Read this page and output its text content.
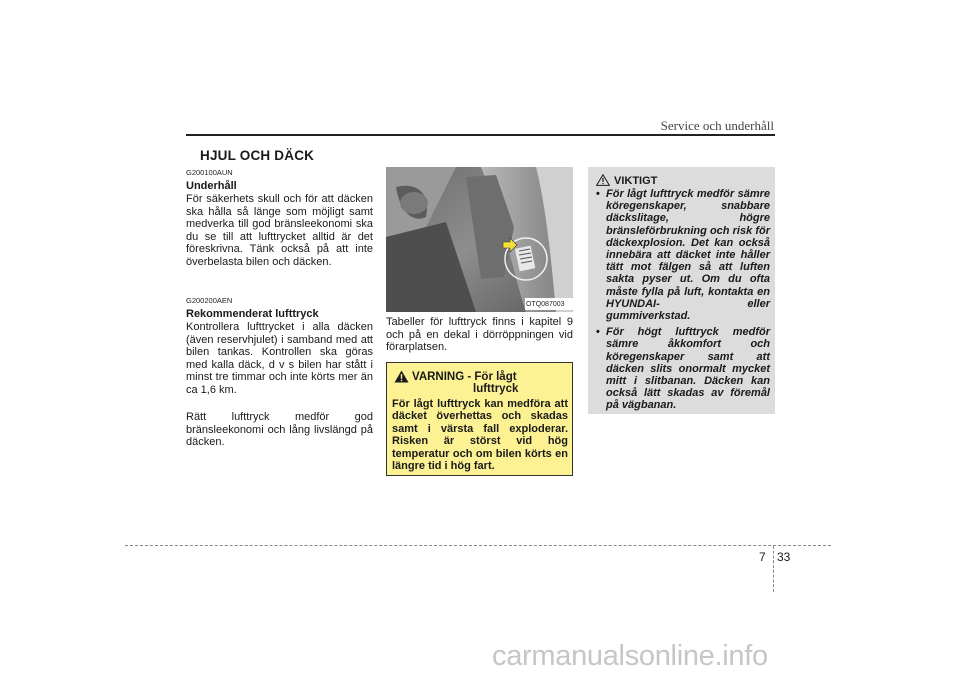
Service och underhåll
HJUL OCH DÄCK
G200100AUN
Underhåll
För säkerhets skull och för att däcken ska hålla så länge som möjligt samt medverka till god bränsleekonomi ska du se till att lufttrycket alltid är det föreskrivna. Tänk också på att inte överbelasta bilen och däcken.
G200200AEN
Rekommenderat lufttryck
Kontrollera lufttrycket i alla däcken (även reservhjulet) i samband med att bilen tankas. Kontrollen ska göras med kalla däck, d v s bilen har stått i minst tre timmar och inte körts mer än ca 1,6 km.
Rätt lufttryck medför god bränsleekonomi och lång livslängd på däcken.
OTQ087003
Tabeller för lufttryck finns i kapitel 9 och på en dekal i dörröppningen vid förarplatsen.
VARNING - För lågt
lufttryck
För lågt lufttryck kan medföra att däcket överhettas och skadas samt i värsta fall exploderar. Risken är störst vid hög temperatur och om bilen körts en längre tid i hög fart.
VIKTIGT
• För lågt lufttryck medför sämre köregenskaper, snabbare däckslitage, högre bränsleförbrukning och risk för däckexplosion. Det kan också innebära att däcket inte håller tätt mot fälgen så att luften sakta pyser ut. Om du ofta måste fylla på luft, kontakta en HYUNDAI- eller gummiverkstad.
• För högt lufttryck medför sämre åkkomfort och köregenskaper samt att däcken slits onormalt mycket mitt i slitbanan. Däcken kan också lätt skadas av föremål på vägbanan.
7 33
carmanualsonline.info
